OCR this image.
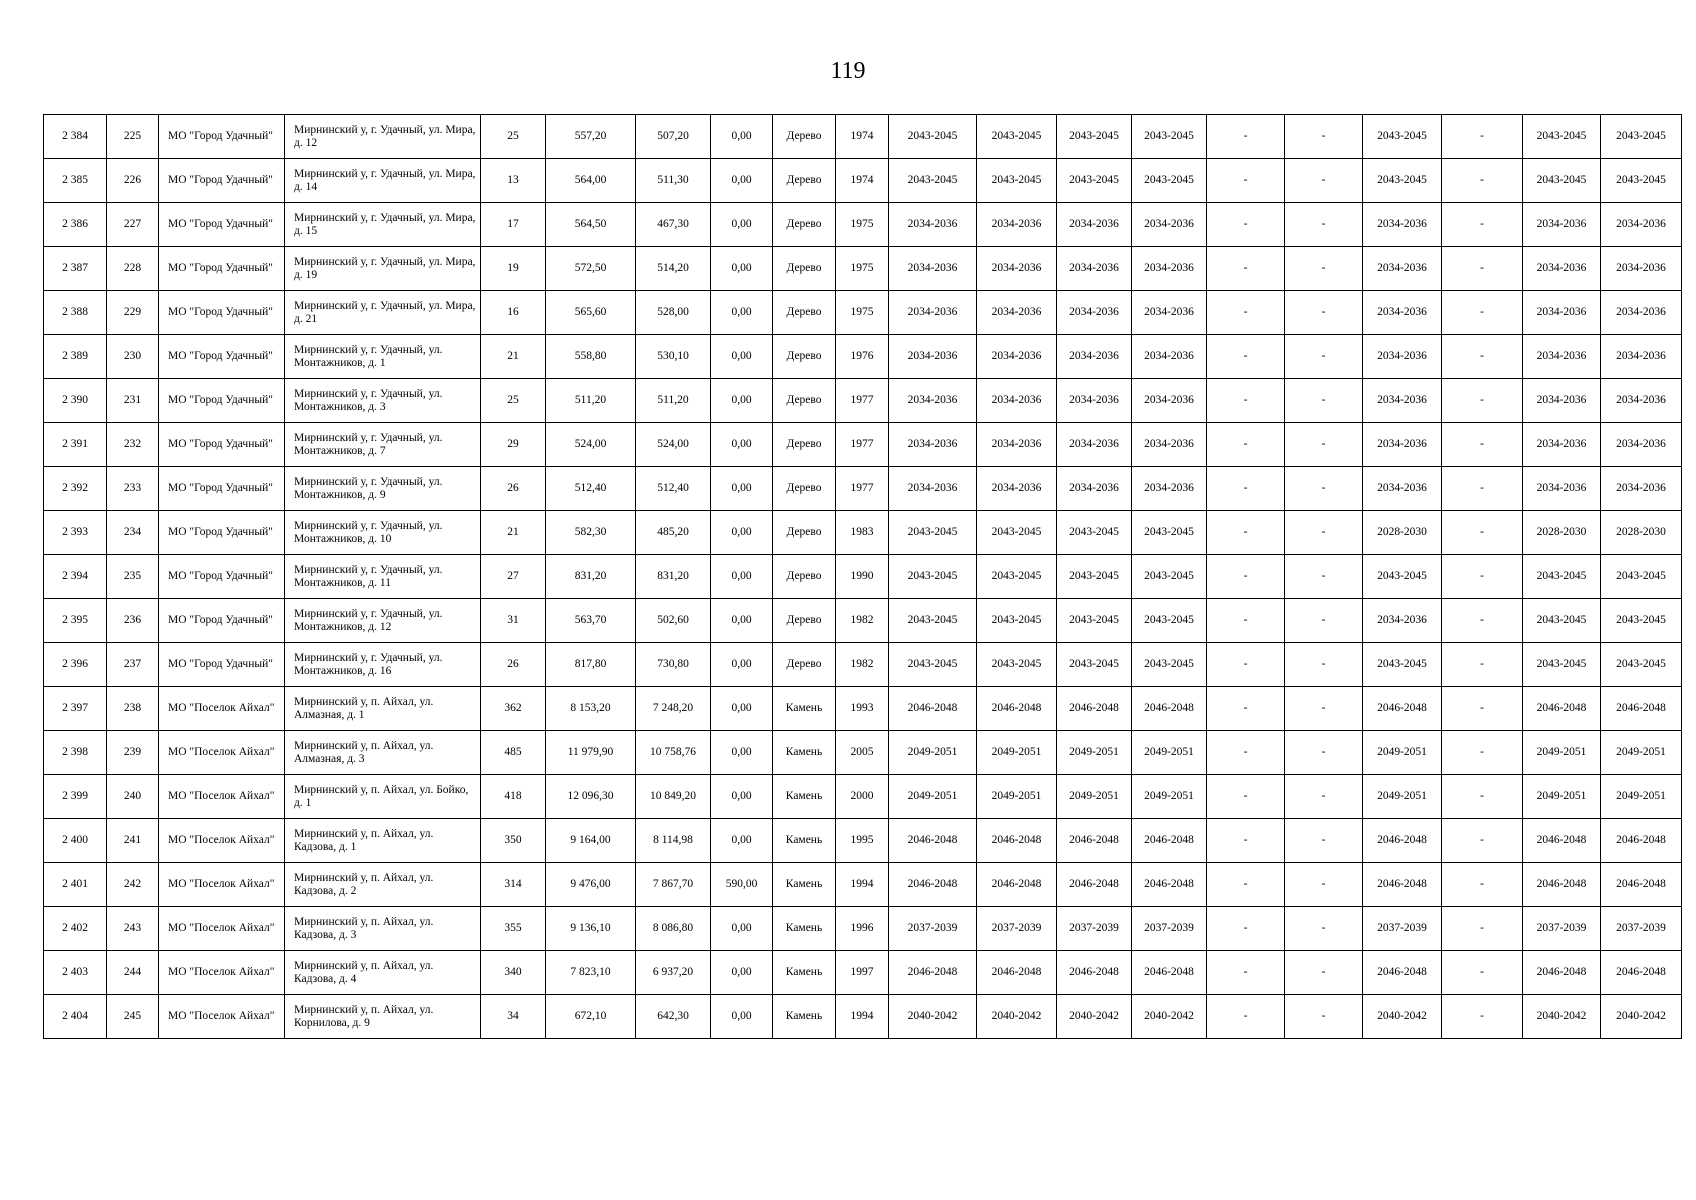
119
2 384	225	МО "Город Удачный"	Мирнинский у, г. Удачный, ул. Мира, д. 12	25	557,20	507,20	0,00	Дерево	1974	2043-2045	2043-2045	2043-2045	2043-2045	-	-	2043-2045	-	2043-2045	2043-2045
2 385	226	МО "Город Удачный"	Мирнинский у, г. Удачный, ул. Мира, д. 14	13	564,00	511,30	0,00	Дерево	1974	2043-2045	2043-2045	2043-2045	2043-2045	-	-	2043-2045	-	2043-2045	2043-2045
2 386	227	МО "Город Удачный"	Мирнинский у, г. Удачный, ул. Мира, д. 15	17	564,50	467,30	0,00	Дерево	1975	2034-2036	2034-2036	2034-2036	2034-2036	-	-	2034-2036	-	2034-2036	2034-2036
2 387	228	МО "Город Удачный"	Мирнинский у, г. Удачный, ул. Мира, д. 19	19	572,50	514,20	0,00	Дерево	1975	2034-2036	2034-2036	2034-2036	2034-2036	-	-	2034-2036	-	2034-2036	2034-2036
2 388	229	МО "Город Удачный"	Мирнинский у, г. Удачный, ул. Мира, д. 21	16	565,60	528,00	0,00	Дерево	1975	2034-2036	2034-2036	2034-2036	2034-2036	-	-	2034-2036	-	2034-2036	2034-2036
2 389	230	МО "Город Удачный"	Мирнинский у, г. Удачный, ул. Монтажников, д. 1	21	558,80	530,10	0,00	Дерево	1976	2034-2036	2034-2036	2034-2036	2034-2036	-	-	2034-2036	-	2034-2036	2034-2036
2 390	231	МО "Город Удачный"	Мирнинский у, г. Удачный, ул. Монтажников, д. 3	25	511,20	511,20	0,00	Дерево	1977	2034-2036	2034-2036	2034-2036	2034-2036	-	-	2034-2036	-	2034-2036	2034-2036
2 391	232	МО "Город Удачный"	Мирнинский у, г. Удачный, ул. Монтажников, д. 7	29	524,00	524,00	0,00	Дерево	1977	2034-2036	2034-2036	2034-2036	2034-2036	-	-	2034-2036	-	2034-2036	2034-2036
2 392	233	МО "Город Удачный"	Мирнинский у, г. Удачный, ул. Монтажников, д. 9	26	512,40	512,40	0,00	Дерево	1977	2034-2036	2034-2036	2034-2036	2034-2036	-	-	2034-2036	-	2034-2036	2034-2036
2 393	234	МО "Город Удачный"	Мирнинский у, г. Удачный, ул. Монтажников, д. 10	21	582,30	485,20	0,00	Дерево	1983	2043-2045	2043-2045	2043-2045	2043-2045	-	-	2028-2030	-	2028-2030	2028-2030
2 394	235	МО "Город Удачный"	Мирнинский у, г. Удачный, ул. Монтажников, д. 11	27	831,20	831,20	0,00	Дерево	1990	2043-2045	2043-2045	2043-2045	2043-2045	-	-	2043-2045	-	2043-2045	2043-2045
2 395	236	МО "Город Удачный"	Мирнинский у, г. Удачный, ул. Монтажников, д. 12	31	563,70	502,60	0,00	Дерево	1982	2043-2045	2043-2045	2043-2045	2043-2045	-	-	2034-2036	-	2043-2045	2043-2045
2 396	237	МО "Город Удачный"	Мирнинский у, г. Удачный, ул. Монтажников, д. 16	26	817,80	730,80	0,00	Дерево	1982	2043-2045	2043-2045	2043-2045	2043-2045	-	-	2043-2045	-	2043-2045	2043-2045
2 397	238	МО "Поселок Айхал"	Мирнинский у, п. Айхал, ул. Алмазная, д. 1	362	8 153,20	7 248,20	0,00	Камень	1993	2046-2048	2046-2048	2046-2048	2046-2048	-	-	2046-2048	-	2046-2048	2046-2048
2 398	239	МО "Поселок Айхал"	Мирнинский у, п. Айхал, ул. Алмазная, д. 3	485	11 979,90	10 758,76	0,00	Камень	2005	2049-2051	2049-2051	2049-2051	2049-2051	-	-	2049-2051	-	2049-2051	2049-2051
2 399	240	МО "Поселок Айхал"	Мирнинский у, п. Айхал, ул. Бойко, д. 1	418	12 096,30	10 849,20	0,00	Камень	2000	2049-2051	2049-2051	2049-2051	2049-2051	-	-	2049-2051	-	2049-2051	2049-2051
2 400	241	МО "Поселок Айхал"	Мирнинский у, п. Айхал, ул. Кадзова, д. 1	350	9 164,00	8 114,98	0,00	Камень	1995	2046-2048	2046-2048	2046-2048	2046-2048	-	-	2046-2048	-	2046-2048	2046-2048
2 401	242	МО "Поселок Айхал"	Мирнинский у, п. Айхал, ул. Кадзова, д. 2	314	9 476,00	7 867,70	590,00	Камень	1994	2046-2048	2046-2048	2046-2048	2046-2048	-	-	2046-2048	-	2046-2048	2046-2048
2 402	243	МО "Поселок Айхал"	Мирнинский у, п. Айхал, ул. Кадзова, д. 3	355	9 136,10	8 086,80	0,00	Камень	1996	2037-2039	2037-2039	2037-2039	2037-2039	-	-	2037-2039	-	2037-2039	2037-2039
2 403	244	МО "Поселок Айхал"	Мирнинский у, п. Айхал, ул. Кадзова, д. 4	340	7 823,10	6 937,20	0,00	Камень	1997	2046-2048	2046-2048	2046-2048	2046-2048	-	-	2046-2048	-	2046-2048	2046-2048
2 404	245	МО "Поселок Айхал"	Мирнинский у, п. Айхал, ул. Корнилова, д. 9	34	672,10	642,30	0,00	Камень	1994	2040-2042	2040-2042	2040-2042	2040-2042	-	-	2040-2042	-	2040-2042	2040-2042
